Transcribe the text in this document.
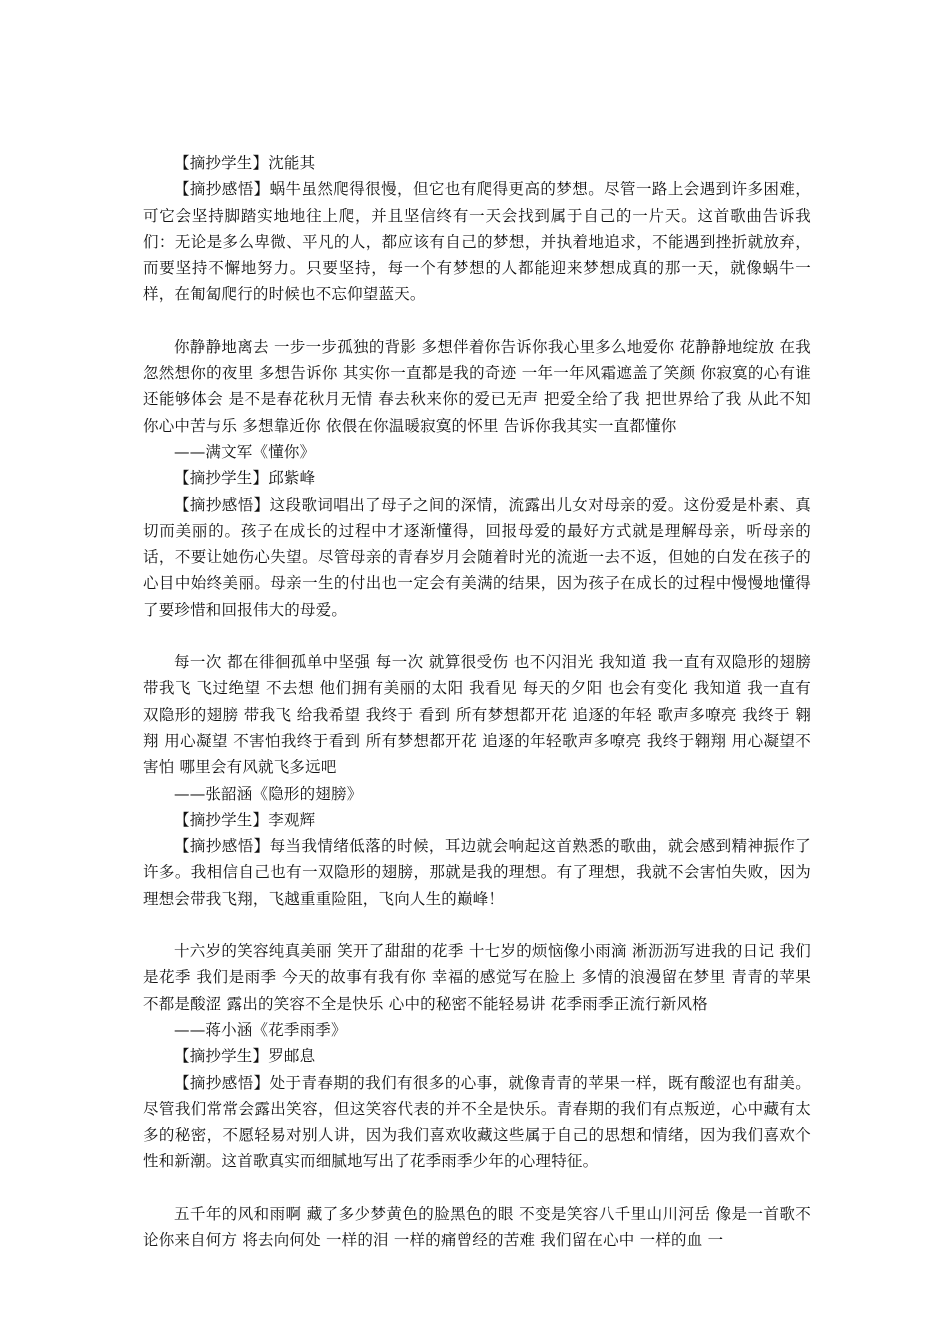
【摘抄学生】沈能其

【摘抄感悟】蜗牛虽然爬得很慢，但它也有爬得更高的梦想。尽管一路上会遇到许多困难，可它会坚持脚踏实地地往上爬，并且坚信终有一天会找到属于自己的一片天。这首歌曲告诉我们：无论是多么卑微、平凡的人，都应该有自己的梦想，并执着地追求，不能遇到挫折就放弃，而要坚持不懈地努力。只要坚持，每一个有梦想的人都能迎来梦想成真的那一天，就像蜗牛一样，在匍匐爬行的时候也不忘仰望蓝天。

你静静地离去 一步一步孤独的背影 多想伴着你告诉你我心里多么地爱你 花静静地绽放 在我忽然想你的夜里 多想告诉你 其实你一直都是我的奇迹 一年一年风霜遮盖了笑颜 你寂寞的心有谁还能够体会 是不是春花秋月无情 春去秋来你的爱已无声 把爱全给了我 把世界给了我 从此不知你心中苦与乐 多想靠近你 依偎在你温暖寂寞的怀里 告诉你我其实一直都懂你

——满文军《懂你》

【摘抄学生】邱紫峰

【摘抄感悟】这段歌词唱出了母子之间的深情，流露出儿女对母亲的爱。这份爱是朴素、真切而美丽的。孩子在成长的过程中才逐渐懂得，回报母爱的最好方式就是理解母亲，听母亲的话，不要让她伤心失望。尽管母亲的青春岁月会随着时光的流逝一去不返，但她的白发在孩子的心目中始终美丽。母亲一生的付出也一定会有美满的结果，因为孩子在成长的过程中慢慢地懂得了要珍惜和回报伟大的母爱。

每一次 都在徘徊孤单中坚强 每一次 就算很受伤 也不闪泪光 我知道 我一直有双隐形的翅膀 带我飞 飞过绝望 不去想 他们拥有美丽的太阳 我看见 每天的夕阳 也会有变化 我知道 我一直有双隐形的翅膀 带我飞 给我希望 我终于 看到 所有梦想都开花 追逐的年轻 歌声多嘹亮 我终于 翱翔 用心凝望 不害怕我终于看到 所有梦想都开花 追逐的年轻歌声多嘹亮 我终于翱翔 用心凝望不害怕 哪里会有风就飞多远吧

——张韶涵《隐形的翅膀》

【摘抄学生】李观辉

【摘抄感悟】每当我情绪低落的时候，耳边就会响起这首熟悉的歌曲，就会感到精神振作了许多。我相信自己也有一双隐形的翅膀，那就是我的理想。有了理想，我就不会害怕失败，因为理想会带我飞翔，飞越重重险阻，飞向人生的巅峰！

十六岁的笑容纯真美丽 笑开了甜甜的花季 十七岁的烦恼像小雨滴 淅沥沥写进我的日记 我们是花季 我们是雨季 今天的故事有我有你 幸福的感觉写在脸上 多情的浪漫留在梦里 青青的苹果不都是酸涩 露出的笑容不全是快乐 心中的秘密不能轻易讲 花季雨季正流行新风格

——蒋小涵《花季雨季》

【摘抄学生】罗邮息

【摘抄感悟】处于青春期的我们有很多的心事，就像青青的苹果一样，既有酸涩也有甜美。尽管我们常常会露出笑容，但这笑容代表的并不全是快乐。青春期的我们有点叛逆，心中藏有太多的秘密，不愿轻易对别人讲，因为我们喜欢收藏这些属于自己的思想和情绪，因为我们喜欢个性和新潮。这首歌真实而细腻地写出了花季雨季少年的心理特征。

五千年的风和雨啊 藏了多少梦黄色的脸黑色的眼 不变是笑容八千里山川河岳 像是一首歌不论你来自何方 将去向何处 一样的泪 一样的痛曾经的苦难 我们留在心中 一样的血 一
